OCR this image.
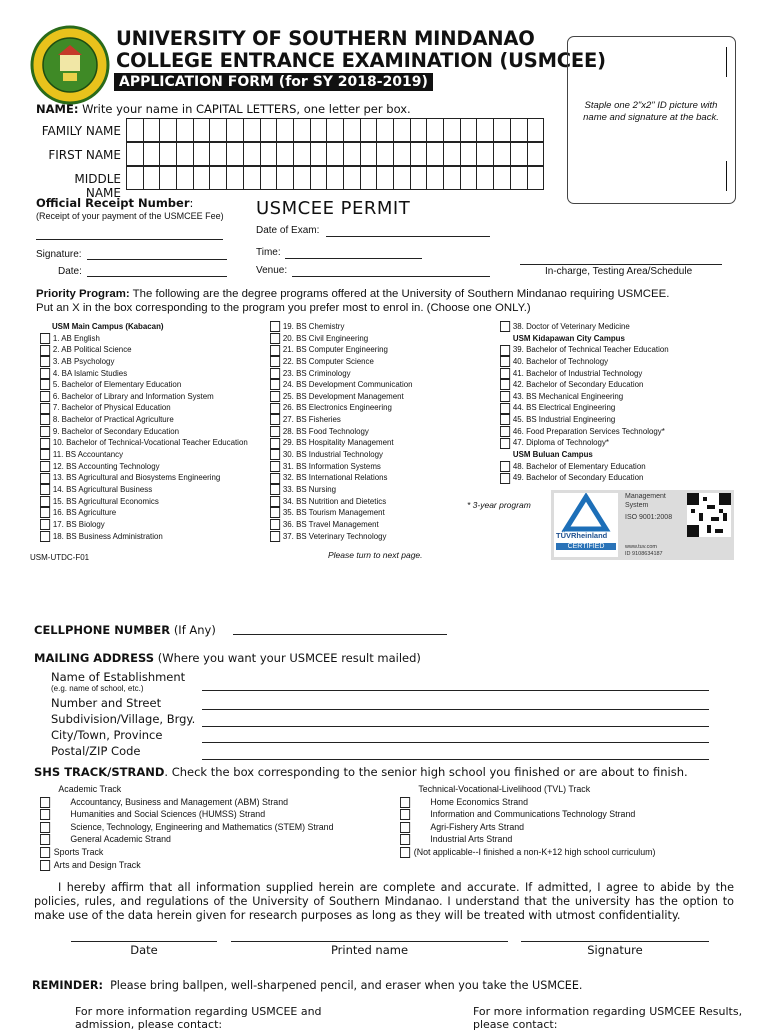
UNIVERSITY OF SOUTHERN MINDANAO
COLLEGE ENTRANCE EXAMINATION (USMCEE)
APPLICATION FORM (for SY 2018-2019)
Staple one 2"x2" ID picture with name and signature at the back.
NAME: Write your name in CAPITAL LETTERS, one letter per box.
FAMILY NAME
FIRST NAME
MIDDLE NAME

Official Receipt Number:
(Receipt of your payment of the USMCEE Fee)
Signature:
Date:
USMCEE PERMIT
Date of Exam:
Time:
Venue:	In-charge, Testing Area/Schedule
Priority Program: The following are the degree programs offered at the University of Southern Mindanao requiring USMCEE.
Put an X in the box corresponding to the program you prefer most to enrol in. (Choose one ONLY.)
USM Main Campus (Kabacan)
1. AB English
2. AB Political Science
3. AB Psychology
4. BA Islamic Studies
5. Bachelor of Elementary Education
6. Bachelor of Library and Information System
7. Bachelor of Physical Education
8. Bachelor of Practical Agriculture
9. Bachelor of Secondary Education
10. Bachelor of Technical-Vocational Teacher Education
11. BS Accountancy
12. BS Accounting Technology
13. BS Agricultural and Biosystems Engineering
14. BS Agricultural Business
15. BS Agricultural Economics
16. BS Agriculture
17. BS Biology
18. BS Business Administration
19. BS Chemistry
20. BS Civil Engineering
21. BS Computer Engineering
22. BS Computer Science
23. BS Criminology
24. BS Development Communication
25. BS Development Management
26. BS Electronics Engineering
27. BS Fisheries
28. BS Food Technology
29. BS Hospitality Management
30. BS Industrial Technology
31. BS Information Systems
32. BS International Relations
33. BS Nursing
34. BS Nutrition and Dietetics
35. BS Tourism Management
36. BS Travel Management
37. BS Veterinary Technology
38. Doctor of Veterinary Medicine
USM Kidapawan City Campus
39. Bachelor of Technical Teacher Education
40. Bachelor of Technology
41. Bachelor of Industrial Technology
42. Bachelor of Secondary Education
43. BS Mechanical Engineering
44. BS Electrical Engineering
45. BS Industrial Engineering
46. Food Preparation Services Technology*
47. Diploma of Technology*
USM Buluan Campus
48. Bachelor of Elementary Education
49. Bachelor of Secondary Education
* 3-year program
TÜVRheinland
CERTIFIED
Management System
ISO 9001:2008
www.tuv.com
ID 9108634187
USM-UTDC-F01	Please turn to next page.
CELLPHONE NUMBER (If Any)
MAILING ADDRESS (Where you want your USMCEE result mailed)
Name of Establishment
(e.g. name of school, etc.)
Number and Street
Subdivision/Village, Brgy.
City/Town, Province
Postal/ZIP Code
SHS TRACK/STRAND. Check the box corresponding to the senior high school you finished or are about to finish.
Academic Track
Accountancy, Business and Management (ABM) Strand
Humanities and Social Sciences (HUMSS) Strand
Science, Technology, Engineering and Mathematics (STEM) Strand
General Academic Strand
Sports Track
Arts and Design Track
Technical-Vocational-Livelihood (TVL) Track
Home Economics Strand
Information and Communications Technology Strand
Agri-Fishery Arts Strand
Industrial Arts Strand
(Not applicable--I finished a non-K+12 high school curriculum)
I hereby affirm that all information supplied herein are complete and accurate. If admitted, I agree to abide by the policies, rules, and regulations of the University of Southern Mindanao. I understand that the university has the option to make use of the data herein given for research purposes as long as they will be treated with utmost confidentiality.
Date	Printed name	Signature
REMINDER: Please bring ballpen, well-sharpened pencil, and eraser when you take the USMCEE.
For more information regarding USMCEE and admission, please contact:
For more information regarding USMCEE Results, please contact:
